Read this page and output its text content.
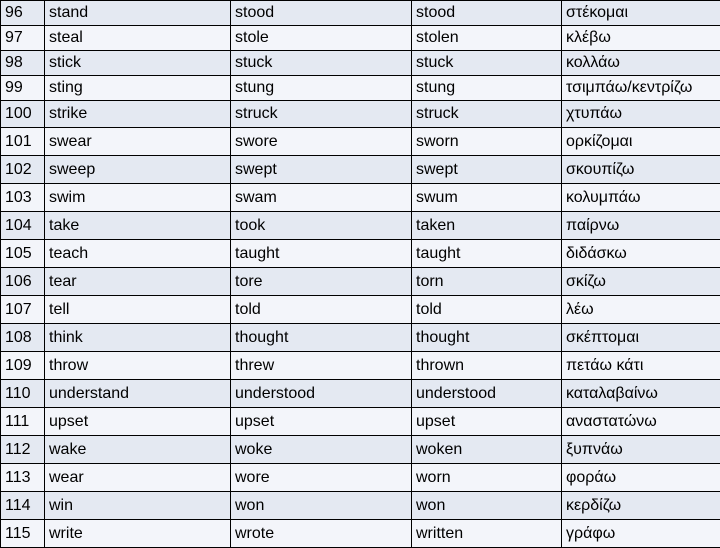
96	stand	stood	stood	στέκομαι
97	steal	stole	stolen	κλέβω
98	stick	stuck	stuck	κολλάω
99	sting	stung	stung	τσιμπάω/κεντρίζω
100	strike	struck	struck	χτυπάω
101	swear	swore	sworn	ορκίζομαι
102	sweep	swept	swept	σκουπίζω
103	swim	swam	swum	κολυμπάω
104	take	took	taken	παίρνω
105	teach	taught	taught	διδάσκω
106	tear	tore	torn	σκίζω
107	tell	told	told	λέω
108	think	thought	thought	σκέπτομαι
109	throw	threw	thrown	πετάω κάτι
110	understand	understood	understood	καταλαβαίνω
111	upset	upset	upset	αναστατώνω
112	wake	woke	woken	ξυπνάω
113	wear	wore	worn	φοράω
114	win	won	won	κερδίζω
115	write	wrote	written	γράφω
